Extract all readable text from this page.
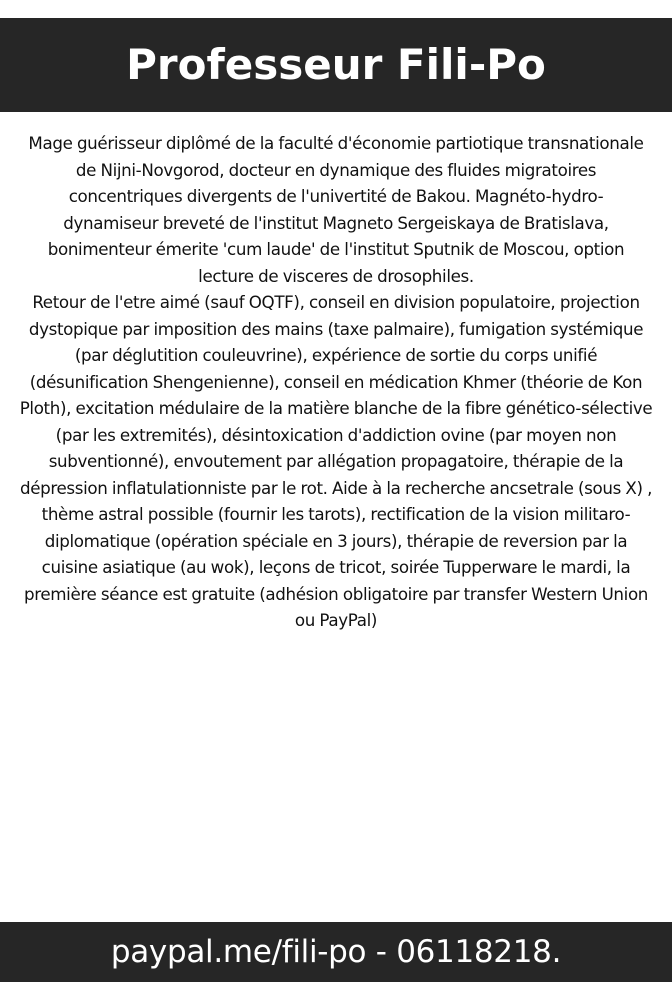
Professeur Fili-Po

Mage guérisseur diplômé de la faculté d'économie partiotique transnationale de Nijni-Novgorod, docteur en dynamique des fluides migratoires concentriques divergents de l'univertité de Bakou. Magnéto-hydro-dynamiseur breveté de l'institut Magneto Sergeiskaya de Bratislava, bonimenteur émerite 'cum laude' de l'institut Sputnik de Moscou, option lecture de visceres de drosophiles.

Retour de l'etre aimé (sauf OQTF), conseil en division populatoire, projection dystopique par imposition des mains (taxe palmaire), fumigation systémique (par déglutition couleuvrine), expérience de sortie du corps unifié (désunification Shengenienne), conseil en médication Khmer (théorie de Kon Ploth), excitation médulaire de la matière blanche de la fibre génético-sélective (par les extremités), désintoxication d'addiction ovine (par moyen non subventionné), envoutement par allégation propagatoire, thérapie de la dépression inflatulationniste par le rot. Aide à la recherche ancsetrale (sous X) , thème astral possible (fournir les tarots), rectification de la vision militaro-diplomatique (opération spéciale en 3 jours), thérapie de reversion par la cuisine asiatique (au wok), leçons de tricot, soirée Tupperware le mardi, la première séance est gratuite (adhésion obligatoire par transfer Western Union ou PayPal)

paypal.me/fili-po - 06118218.
